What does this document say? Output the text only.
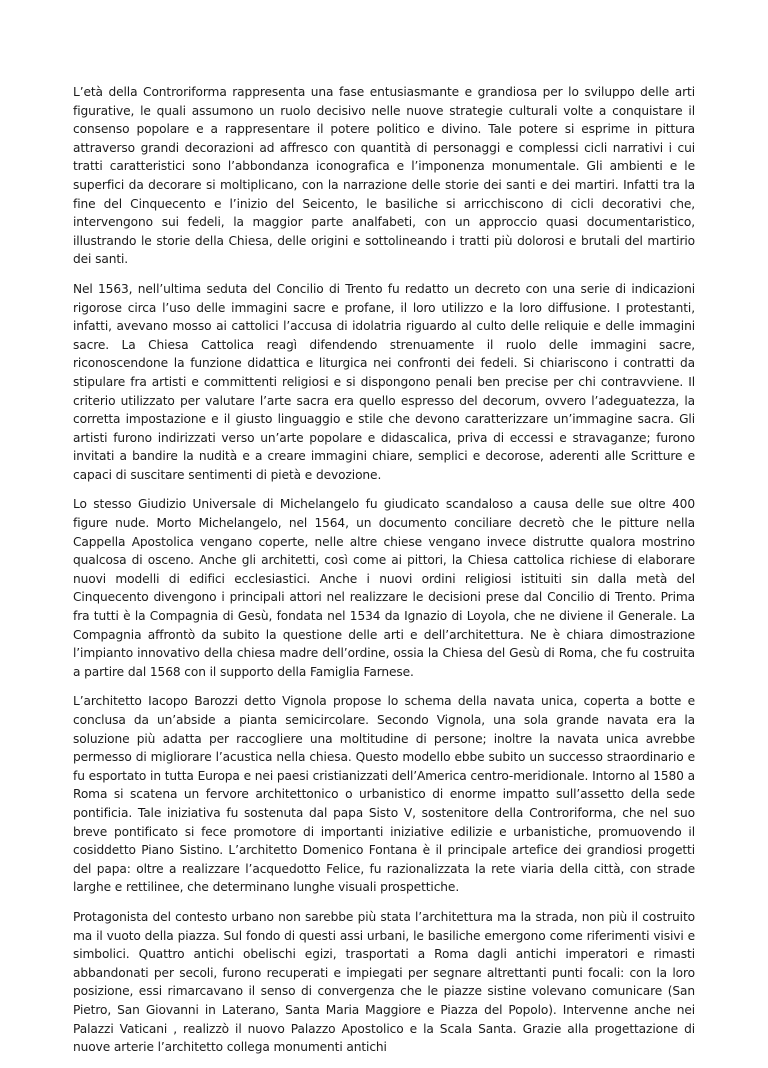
L’età della Controriforma rappresenta una fase entusiasmante e grandiosa per lo sviluppo delle arti figurative, le quali assumono un ruolo decisivo nelle nuove strategie culturali volte a conquistare il consenso popolare e a rappresentare il potere politico e divino. Tale potere si esprime in pittura attraverso grandi decorazioni ad affresco con quantità di personaggi e complessi cicli narrativi i cui tratti caratteristici sono l’abbondanza iconografica e l’imponenza monumentale. Gli ambienti e le superfici da decorare si moltiplicano, con la narrazione delle storie dei santi e dei martiri. Infatti tra la fine del Cinquecento e l’inizio del Seicento, le basiliche si arricchiscono di cicli decorativi che, intervengono sui fedeli, la maggior parte analfabeti, con un approccio quasi documentaristico, illustrando le storie della Chiesa, delle origini e sottolineando i tratti più dolorosi e brutali del martirio dei santi.

Nel 1563, nell’ultima seduta del Concilio di Trento fu redatto un decreto con una serie di indicazioni rigorose circa l’uso delle immagini sacre e profane, il loro utilizzo e la loro diffusione. I protestanti, infatti, avevano mosso ai cattolici l’accusa di idolatria riguardo al culto delle reliquie e delle immagini sacre. La Chiesa Cattolica reagì difendendo strenuamente il ruolo delle immagini sacre, riconoscendone la funzione didattica e liturgica nei confronti dei fedeli. Si chiariscono i contratti da stipulare fra artisti e committenti religiosi e si dispongono penali ben precise per chi contravviene. Il criterio utilizzato per valutare l’arte sacra era quello espresso del decorum, ovvero l’adeguatezza, la corretta impostazione e il giusto linguaggio e stile che devono caratterizzare un’immagine sacra. Gli artisti furono indirizzati verso un’arte popolare e didascalica, priva di eccessi e stravaganze; furono invitati a bandire la nudità e a creare immagini chiare, semplici e decorose, aderenti alle Scritture e capaci di suscitare sentimenti di pietà e devozione.

Lo stesso Giudizio Universale di Michelangelo fu giudicato scandaloso a causa delle sue oltre 400 figure nude. Morto Michelangelo, nel 1564, un documento conciliare decretò che le pitture nella Cappella Apostolica vengano coperte, nelle altre chiese vengano invece distrutte qualora mostrino qualcosa di osceno. Anche gli architetti, così come ai pittori, la Chiesa cattolica richiese di elaborare nuovi modelli di edifici ecclesiastici. Anche i nuovi ordini religiosi istituiti sin dalla metà del Cinquecento divengono i principali attori nel realizzare le decisioni prese dal Concilio di Trento. Prima fra tutti è la Compagnia di Gesù, fondata nel 1534 da Ignazio di Loyola, che ne diviene il Generale. La Compagnia affrontò da subito la questione delle arti e dell’architettura. Ne è chiara dimostrazione l’impianto innovativo della chiesa madre dell’ordine, ossia la Chiesa del Gesù di Roma, che fu costruita a partire dal 1568 con il supporto della Famiglia Farnese.

L’architetto Iacopo Barozzi detto Vignola propose lo schema della navata unica, coperta a botte e conclusa da un’abside a pianta semicircolare. Secondo Vignola, una sola grande navata era la soluzione più adatta per raccogliere una moltitudine di persone; inoltre la navata unica avrebbe permesso di migliorare l’acustica nella chiesa. Questo modello ebbe subito un successo straordinario e fu esportato in tutta Europa e nei paesi cristianizzati dell’America centro-meridionale. Intorno al 1580 a Roma si scatena un fervore architettonico o urbanistico di enorme impatto sull’assetto della sede pontificia. Tale iniziativa fu sostenuta dal papa Sisto V, sostenitore della Controriforma, che nel suo breve pontificato si fece promotore di importanti iniziative edilizie e urbanistiche, promuovendo il cosiddetto Piano Sistino. L’architetto Domenico Fontana è il principale artefice dei grandiosi progetti del papa: oltre a realizzare l’acquedotto Felice, fu razionalizzata la rete viaria della città, con strade larghe e rettilinee, che determinano lunghe visuali prospettiche.

Protagonista del contesto urbano non sarebbe più stata l’architettura ma la strada, non più il costruito ma il vuoto della piazza. Sul fondo di questi assi urbani, le basiliche emergono come riferimenti visivi e simbolici. Quattro antichi obelischi egizi, trasportati a Roma dagli antichi imperatori e rimasti abbandonati per secoli, furono recuperati e impiegati per segnare altrettanti punti focali: con la loro posizione, essi rimarcavano il senso di convergenza che le piazze sistine volevano comunicare (San Pietro, San Giovanni in Laterano, Santa Maria Maggiore e Piazza del Popolo). Intervenne anche nei Palazzi Vaticani , realizzò il nuovo Palazzo Apostolico e la Scala Santa. Grazie alla progettazione di nuove arterie l’architetto collega monumenti antichi
